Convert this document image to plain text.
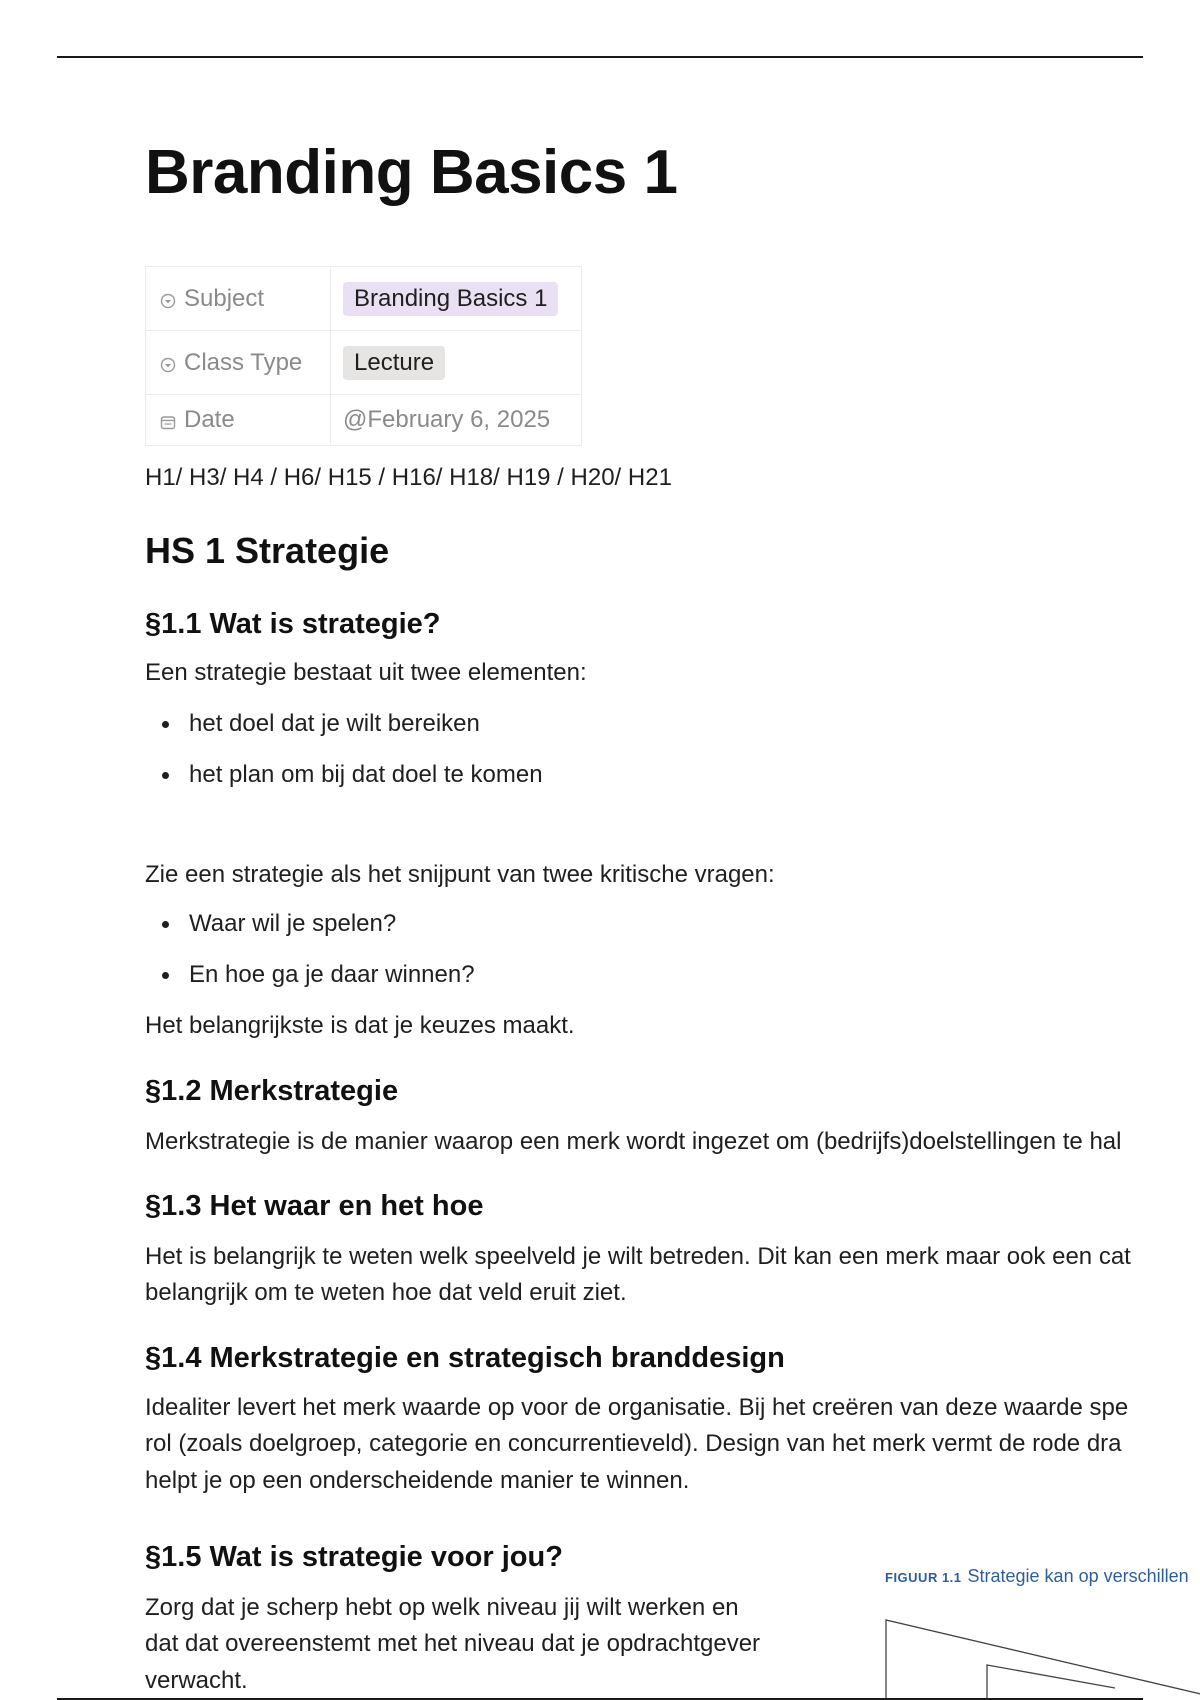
Branding Basics 1
Subject	Branding Basics 1
Class Type	Lecture
Date	@February 6, 2025
H1/ H3/ H4 / H6/ H15 / H16/ H18/ H19 / H20/ H21
HS 1 Strategie
§1.1 Wat is strategie?
Een strategie bestaat uit twee elementen:
het doel dat je wilt bereiken
het plan om bij dat doel te komen
Zie een strategie als het snijpunt van twee kritische vragen:
Waar wil je spelen?
En hoe ga je daar winnen?
Het belangrijkste is dat je keuzes maakt.
§1.2 Merkstrategie
Merkstrategie is de manier waarop een merk wordt ingezet om (bedrijfs)doelstellingen te hal
§1.3 Het waar en het hoe
Het is belangrijk te weten welk speelveld je wilt betreden. Dit kan een merk maar ook een cat
belangrijk om te weten hoe dat veld eruit ziet.
§1.4 Merkstrategie en strategisch branddesign
Idealiter levert het merk waarde op voor de organisatie. Bij het creëren van deze waarde spe
rol (zoals doelgroep, categorie en concurrentieveld). Design van het merk vermt de rode dra
helpt je op een onderscheidende manier te winnen.
§1.5 Wat is strategie voor jou?
Zorg dat je scherp hebt op welk niveau jij wilt werken en
dat dat overeenstemt met het niveau dat je opdrachtgever
verwacht.
FIGUUR 1.1 Strategie kan op verschillen
